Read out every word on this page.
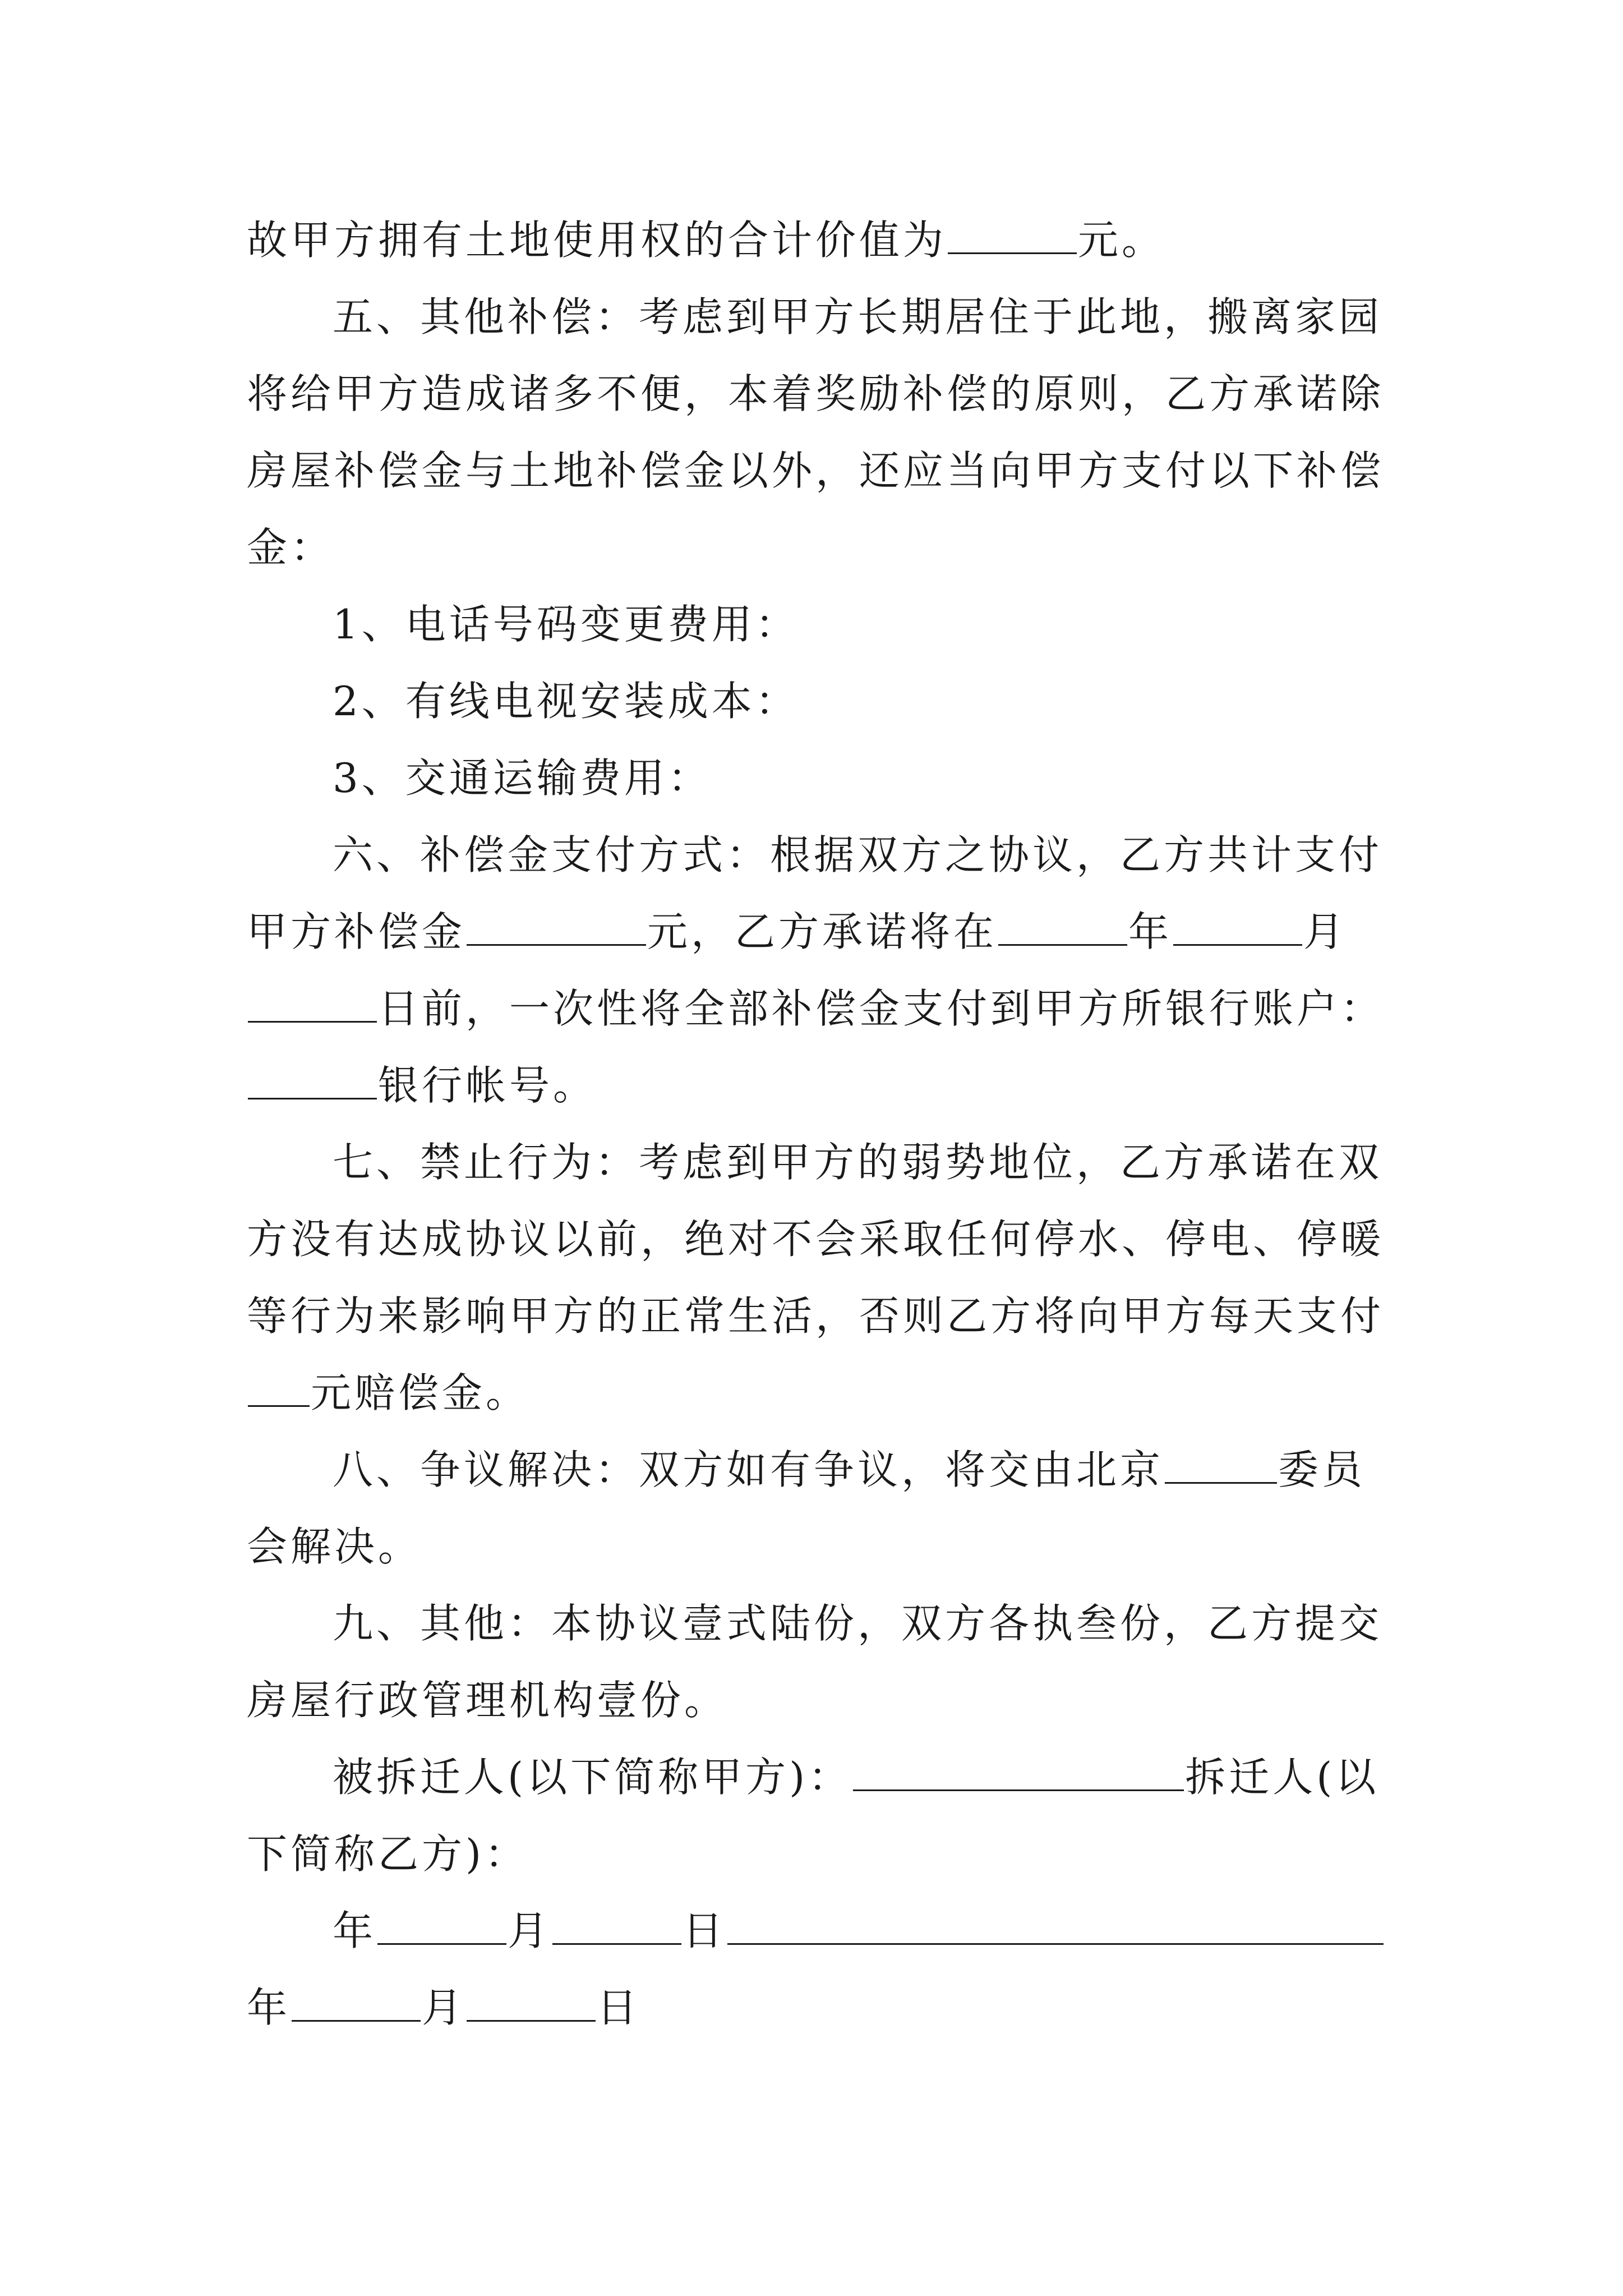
故甲方拥有土地使用权的合计价值为	元。
五、其他补偿：考虑到甲方长期居住于此地，搬离家园
将给甲方造成诸多不便，本着奖励补偿的原则，乙方承诺除
房屋补偿金与土地补偿金以外，还应当向甲方支付以下补偿
金：
1、电话号码变更费用：
2、有线电视安装成本：
3、交通运输费用：
六、补偿金支付方式：根据双方之协议，乙方共计支付
甲方补偿金	元，乙方承诺将在	年	月
日前，一次性将全部补偿金支付到甲方所银行账户：
银行帐号。
七、禁止行为：考虑到甲方的弱势地位，乙方承诺在双
方没有达成协议以前，绝对不会采取任何停水、停电、停暖
等行为来影响甲方的正常生活，否则乙方将向甲方每天支付
元赔偿金。
八、争议解决：双方如有争议，将交由北京	委员
会解决。
九、其他：本协议壹式陆份，双方各执叁份，乙方提交
房屋行政管理机构壹份。
被拆迁人(以下简称甲方)：	拆迁人(以
下简称乙方)：
年	月	日
年	月	日
